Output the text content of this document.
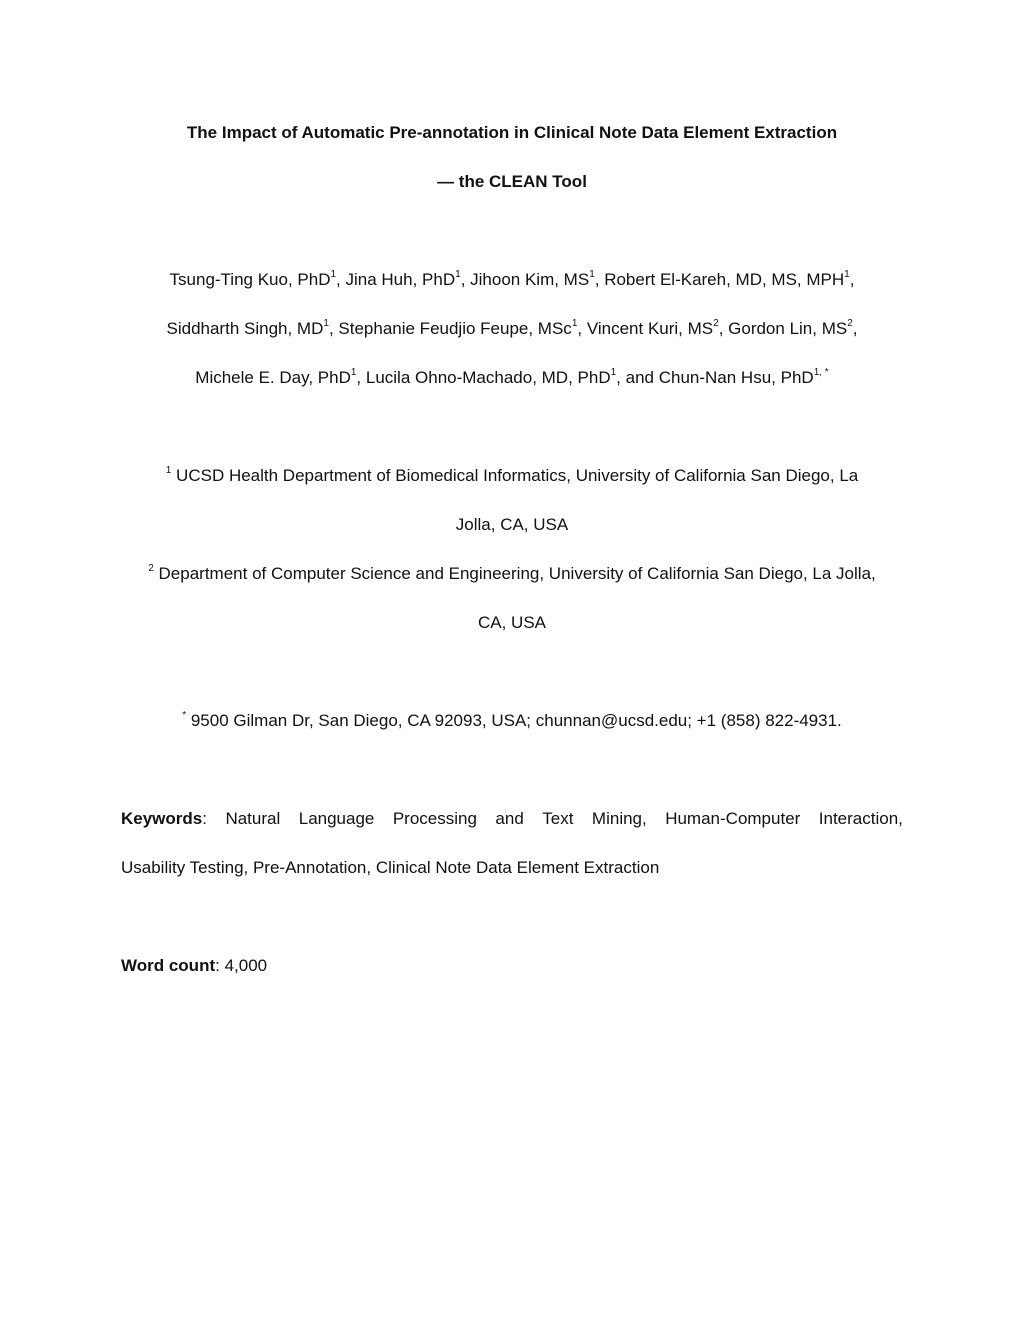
The Impact of Automatic Pre-annotation in Clinical Note Data Element Extraction
— the CLEAN Tool
Tsung-Ting Kuo, PhD$^1$, Jina Huh, PhD$^1$, Jihoon Kim, $MS^1$, Robert El-Kareh, MD, MS, MPH$^1$,
Siddharth Singh, $MD^1$, Stephanie Feudjio Feupe, MSc$^1$, Vincent Kuri, $MS^2$, Gordon Lin, $MS^2$,
Michele E. Day, PhD$^1$, Lucila Ohno-Machado, MD, PhD$^1$, and Chun-Nan Hsu, PhD$^{1, *}$
$^1$ UCSD Health Department of Biomedical Informatics, University of California San Diego, La
Jolla, CA, USA
$^2$ Department of Computer Science and Engineering, University of California San Diego, La Jolla,
CA, USA
* 9500 Gilman Dr, San Diego, CA 92093, USA; chunnan@ucsd.edu; +1 (858) 822-4931.
Keywords: Natural Language Processing and Text Mining, Human-Computer Interaction,
Usability Testing, Pre-Annotation, Clinical Note Data Element Extraction
Word count: 4,000
